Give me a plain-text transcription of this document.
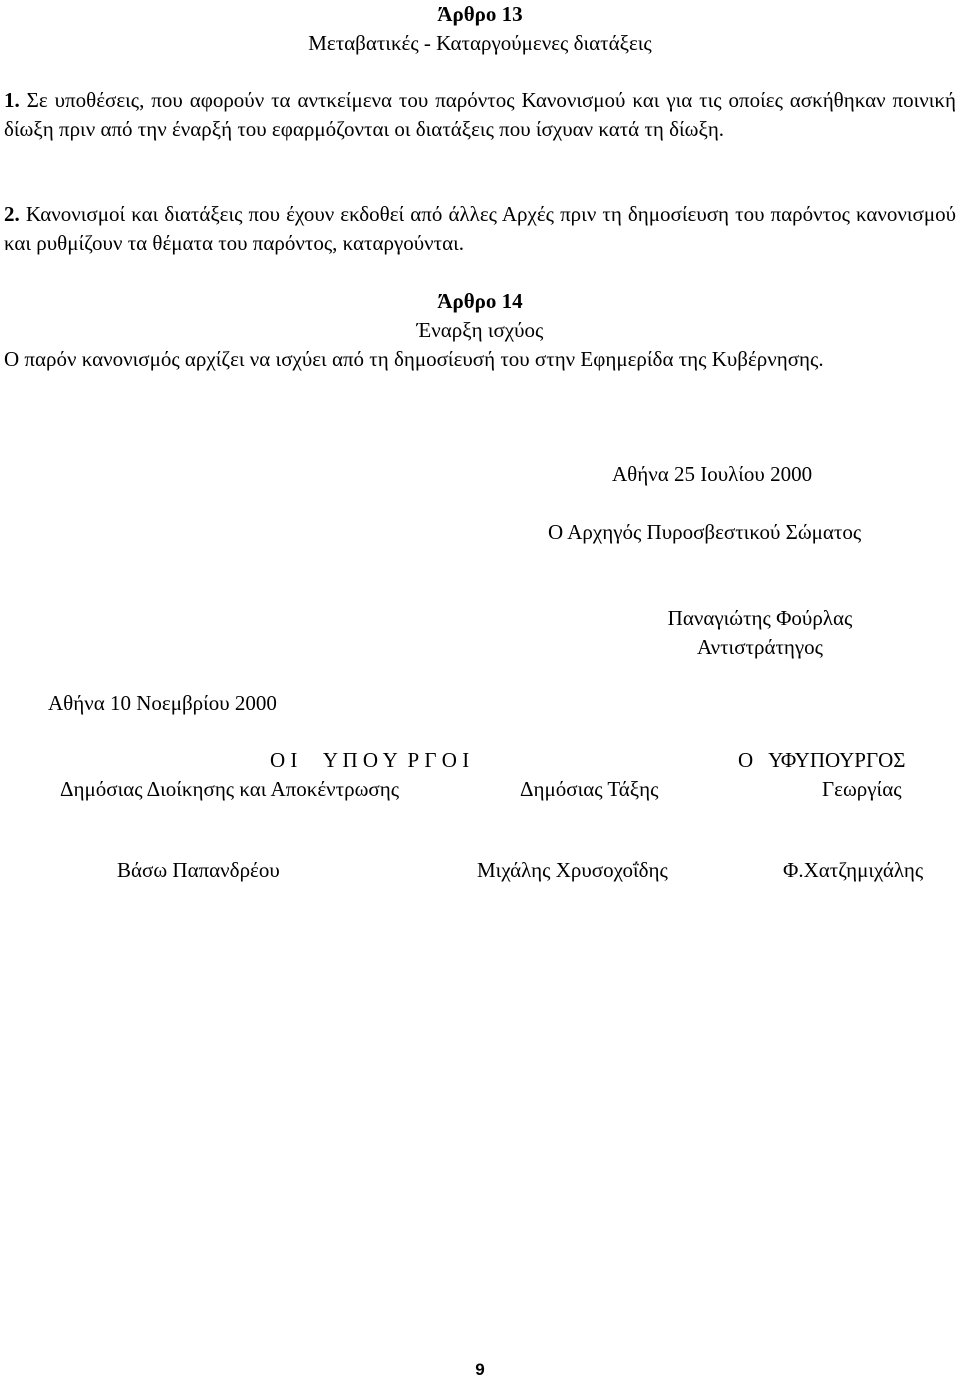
Άρθρο 13
Μεταβατικές - Καταργούμενες διατάξεις
1. Σε υποθέσεις, που αφορούν τα αντκείμενα του παρόντος Κανονισμού και για τις οποίες ασκήθηκαν ποινική δίωξη πριν από την έναρξή του εφαρμόζονται οι διατάξεις που ίσχυαν κατά τη δίωξη.
2. Κανονισμοί και διατάξεις που έχουν εκδοθεί από άλλες Αρχές πριν τη δημοσίευση του παρόντος κανονισμού και ρυθμίζουν τα θέματα του παρόντος, καταργούνται.
Άρθρο 14
Έναρξη ισχύος
Ο παρόν κανονισμός αρχίζει να ισχύει από τη δημοσίευσή του στην Εφημερίδα της Κυβέρνησης.
Αθήνα 25 Ιουλίου 2000
Ο Αρχηγός Πυροσβεστικού Σώματος
Παναγιώτης Φούρλας
Αντιστράτηγος
Αθήνα 10 Νοεμβρίου 2000
Ο Ι     Υ Π Ο Υ  Ρ Γ Ο Ι	Ο   ΥΦΥΠΟΥΡΓΟΣ
Δημόσιας Διοίκησης και Αποκέντρωσης	Δημόσιας Τάξης	Γεωργίας
Βάσω Παπανδρέου	Μιχάλης Χρυσοχοΐδης	Φ.Χατζημιχάλης
9
